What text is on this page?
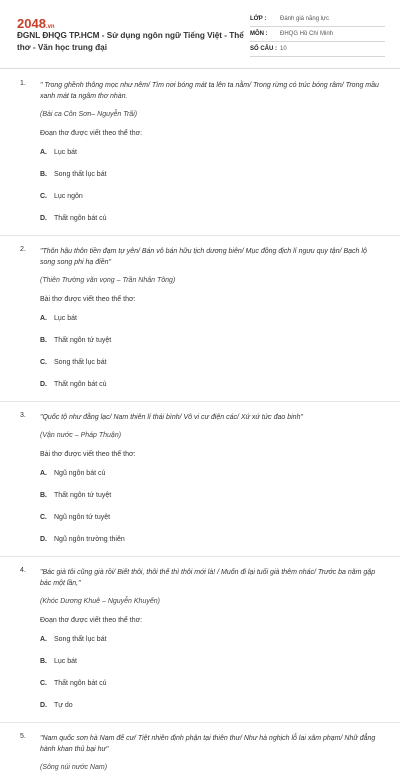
2048.vn
ĐGNL ĐHQG TP.HCM - Sử dụng ngôn ngữ Tiếng Việt - Thể thơ - Văn học trung đại
LỚP :	Đánh giá năng lực
MÔN :	ĐHQG Hồ Chí Minh
SỐ CÂU : 10
1. " Trong ghềnh thông mọc như nêm/ Tìm nơi bóng mát ta lên ta nằm/ Trong rừng có trúc bóng râm/ Trong mầu xanh mát ta ngâm thơ nhàn.
(Bài ca Côn Sơn– Nguyễn Trãi)
Đoạn thơ được viết theo thể thơ:
A.	Lục bát
B.	Song thất lục bát
C.	Lục ngôn
D.	Thất ngôn bát cú
2. "Thôn hậu thôn tiền đạm tự yên/ Bán vô bán hữu tịch dương biên/ Mục đồng địch lí ngưu quy tận/ Bạch lộ song song phi hạ điền"
(Thiên Trường vãn vọng – Trần Nhân Tông)
Bài thơ được viết theo thể thơ:
A.	Lục bát
B.	Thất ngôn tứ tuyệt
C.	Song thất lục bát
D.	Thất ngôn bát cú
3. "Quốc tộ như đằng lạc/ Nam thiên lí thái bình/ Vô vi cư điện các/ Xứ xứ tức đao binh"
(Vận nước – Pháp Thuận)
Bài thơ được viết theo thể thơ:
A.	Ngũ ngôn bát cú
B.	Thất ngôn tứ tuyệt
C.	Ngũ ngôn tứ tuyệt
D.	Ngũ ngôn trường thiên
4. "Bác già tôi cũng già rồi/ Biết thôi, thôi thế thì thôi mới là! / Muốn đi lại tuổi già thêm nhác/ Trước ba năm gặp bác một lần,"
(Khóc Dương Khuê – Nguyễn Khuyến)
Đoạn thơ được viết theo thể thơ:
A.	Song thất lục bát
B.	Lục bát
C.	Thất ngôn bát cú
D.	Tự do
5. "Nam quốc sơn hà Nam đế cư/ Tiệt nhiên định phận tại thiên thư/ Như hà nghịch lỗ lai xâm phạm/ Nhữ đẳng hành khan thủ bại hư"
(Sông núi nước Nam)
